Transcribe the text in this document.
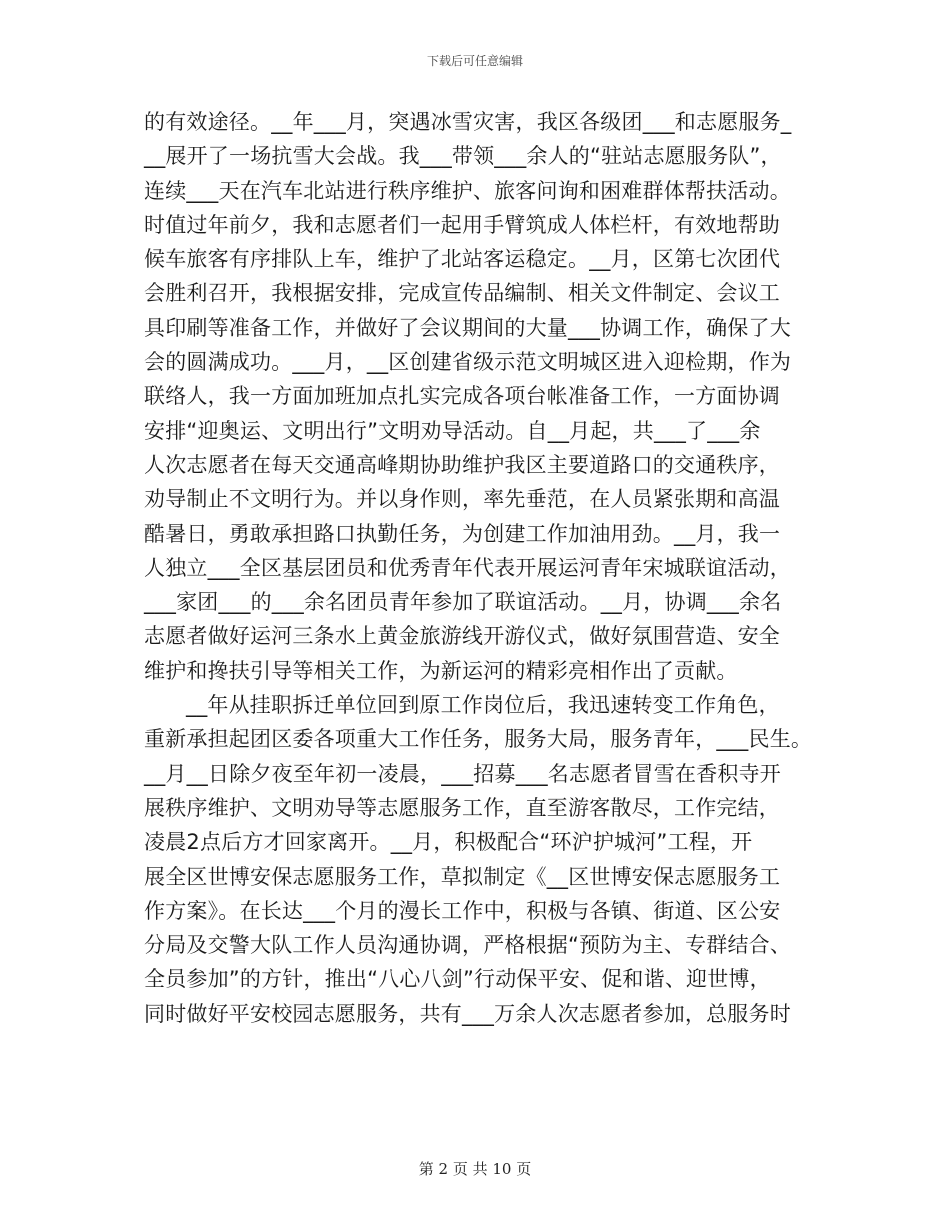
下载后可任意编辑
的有效途径。__年___月，突遇冰雪灾害，我区各级团___和志愿服务_
__展开了一场抗雪大会战。我___带领___余人的“驻站志愿服务队”，
连续___天在汽车北站进行秩序维护、旅客问询和困难群体帮扶活动。
时值过年前夕，我和志愿者们一起用手臂筑成人体栏杆，有效地帮助
候车旅客有序排队上车，维护了北站客运稳定。__月，区第七次团代
会胜利召开，我根据安排，完成宣传品编制、相关文件制定、会议工
具印刷等准备工作，并做好了会议期间的大量___协调工作，确保了大
会的圆满成功。___月，__区创建省级示范文明城区进入迎检期，作为
联络人，我一方面加班加点扎实完成各项台帐准备工作，一方面协调
安排“迎奥运、文明出行”文明劝导活动。自__月起，共___了___余
人次志愿者在每天交通高峰期协助维护我区主要道路口的交通秩序，
劝导制止不文明行为。并以身作则，率先垂范，在人员紧张期和高温
酷暑日，勇敢承担路口执勤任务，为创建工作加油用劲。__月，我一
人独立___全区基层团员和优秀青年代表开展运河青年宋城联谊活动，
___家团___的___余名团员青年参加了联谊活动。__月，协调___余名
志愿者做好运河三条水上黄金旅游线开游仪式，做好氛围营造、安全
维护和搀扶引导等相关工作，为新运河的精彩亮相作出了贡献。
__年从挂职拆迁单位回到原工作岗位后，我迅速转变工作角色，
重新承担起团区委各项重大工作任务，服务大局，服务青年，___民生。
__月__日除夕夜至年初一凌晨，___招募___名志愿者冒雪在香积寺开
展秩序维护、文明劝导等志愿服务工作，直至游客散尽，工作完结，
凌晨2点后方才回家离开。__月，积极配合“环沪护城河”工程，开
展全区世博安保志愿服务工作，草拟制定《__区世博安保志愿服务工
作方案》。在长达___个月的漫长工作中，积极与各镇、街道、区公安
分局及交警大队工作人员沟通协调，严格根据“预防为主、专群结合、
全员参加”的方针，推出“八心八剑”行动保平安、促和谐、迎世博，
同时做好平安校园志愿服务，共有___万余人次志愿者参加，总服务时
第 2 页 共 10 页
